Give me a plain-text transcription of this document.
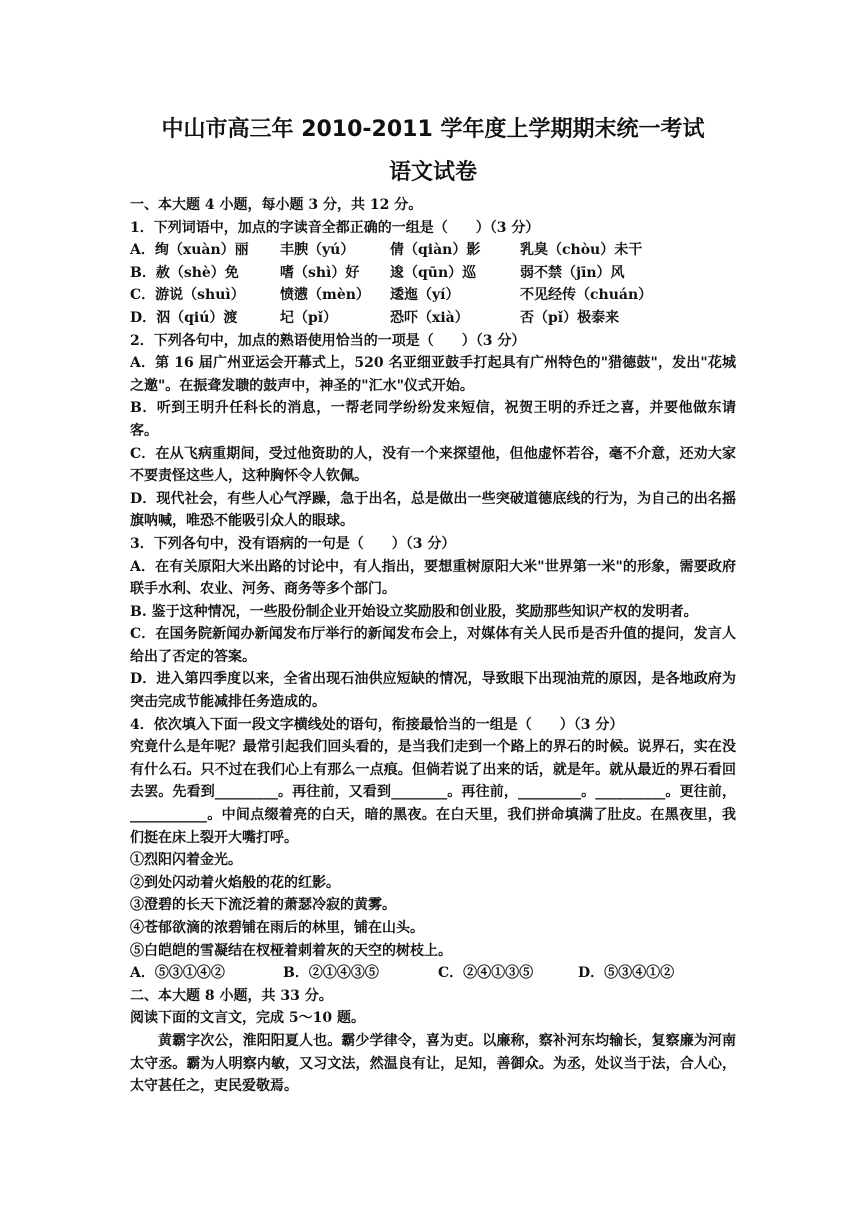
中山市高三年 2010-2011 学年度上学期期末统一考试
语文试卷
一、本大题 4 小题，每小题 3 分，共 12 分。
1．下列词语中，加点的字读音全都正确的一组是（　　）（3 分）
A．绚（xuàn）丽	丰腴（yú）	倩（qiàn）影	乳臭（chòu）未干
B．赦（shè）免	嗜（shì）好	逡（qūn）巡	弱不禁（jīn）风
C．游说（shuì）	愤懑（mèn）	逶迤（yí）	不见经传（chuán）
D．泅（qiú）渡	圮（pǐ）	恐吓（xià）	否（pǐ）极泰来
2．下列各句中，加点的熟语使用恰当的一项是（　　）（3 分）
A．第 16 届广州亚运会开幕式上，520 名亚细亚鼓手打起具有广州特色的"猎德鼓"，发出"花城之邀"。在振聋发聩的鼓声中，神圣的"汇水"仪式开始。
B．听到王明升任科长的消息，一帮老同学纷纷发来短信，祝贺王明的乔迁之喜，并要他做东请客。
C．在从飞病重期间，受过他资助的人，没有一个来探望他，但他虚怀若谷，毫不介意，还劝大家不要责怪这些人，这种胸怀令人钦佩。
D．现代社会，有些人心气浮躁，急于出名，总是做出一些突破道德底线的行为，为自己的出名摇旗呐喊，唯恐不能吸引众人的眼球。
3．下列各句中，没有语病的一句是（　　）（3 分）
A．在有关原阳大米出路的讨论中，有人指出，要想重树原阳大米"世界第一米"的形象，需要政府联手水利、农业、河务、商务等多个部门。
B. 鉴于这种情况，一些股份制企业开始设立奖励股和创业股，奖励那些知识产权的发明者。
C．在国务院新闻办新闻发布厅举行的新闻发布会上，对媒体有关人民币是否升值的提问，发言人给出了否定的答案。
D．进入第四季度以来，全省出现石油供应短缺的情况，导致眼下出现油荒的原因，是各地政府为突击完成节能减排任务造成的。
4．依次填入下面一段文字横线处的语句，衔接最恰当的一组是（　　）（3 分）
究竟什么是年呢？最常引起我们回头看的，是当我们走到一个路上的界石的时候。说界石，实在没有什么石。只不过在我们心上有那么一点痕。但倘若说了出来的话，就是年。就从最近的界石看回去罢。先看到_________。再往前，又看到________。再往前，_________。__________。更往前，___________。中间点缀着亮的白天，暗的黑夜。在白天里，我们拼命填满了肚皮。在黑夜里，我们挺在床上裂开大嘴打呼。
①烈阳闪着金光。
②到处闪动着火焰般的花的红影。
③澄碧的长天下流泛着的萧瑟冷寂的黄雾。
④苍郁欲滴的浓碧铺在雨后的林里，铺在山头。
⑤白皑皑的雪凝结在杈桠着刺着灰的天空的树枝上。
A．⑤③①④②	B．②①④③⑤	C．②④①③⑤	D．⑤③④①②
二、本大题 8 小题，共 33 分。
阅读下面的文言文，完成 5～10 题。
黄霸字次公，淮阳阳夏人也。霸少学律令，喜为吏。以廉称，察补河东均输长，复察廉为河南太守丞。霸为人明察内敏，又习文法，然温良有让，足知，善御众。为丞，处议当于法，合人心，太守甚任之，吏民爱敬焉。
